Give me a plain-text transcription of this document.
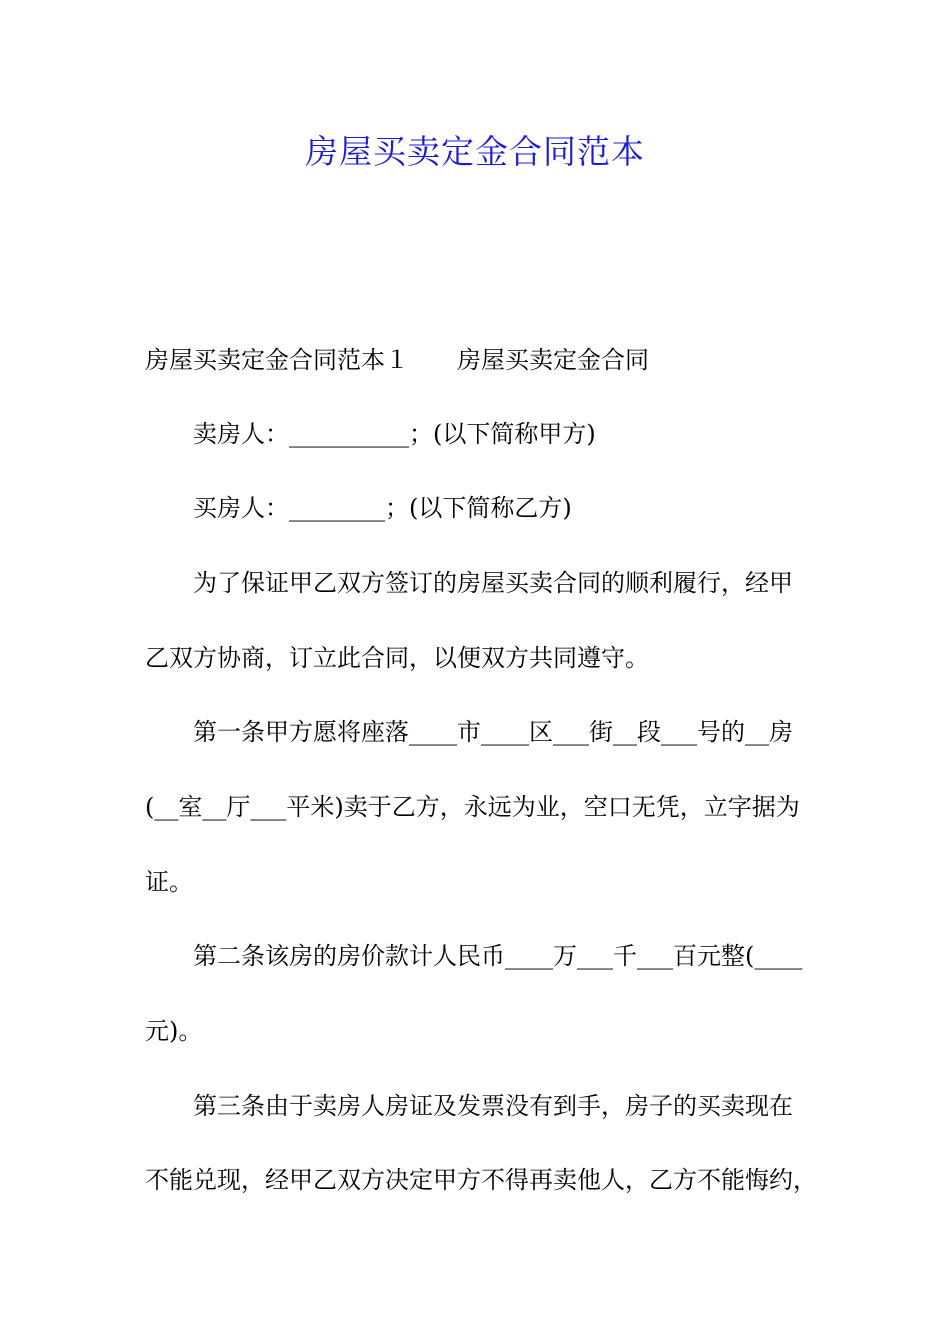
房屋买卖定金合同范本
房屋买卖定金合同范本１ 房屋买卖定金合同
卖房人：__________；(以下简称甲方)
买房人：________；(以下简称乙方)
为了保证甲乙双方签订的房屋买卖合同的顺利履行，经甲
乙双方协商，订立此合同，以便双方共同遵守。
第一条甲方愿将座落____市____区___街__段___号的__房
(__室__厅___平米)卖于乙方，永远为业，空口无凭，立字据为
证。
第二条该房的房价款计人民币____万___千___百元整(____
元)。
第三条由于卖房人房证及发票没有到手，房子的买卖现在
不能兑现，经甲乙双方决定甲方不得再卖他人，乙方不能悔约，
